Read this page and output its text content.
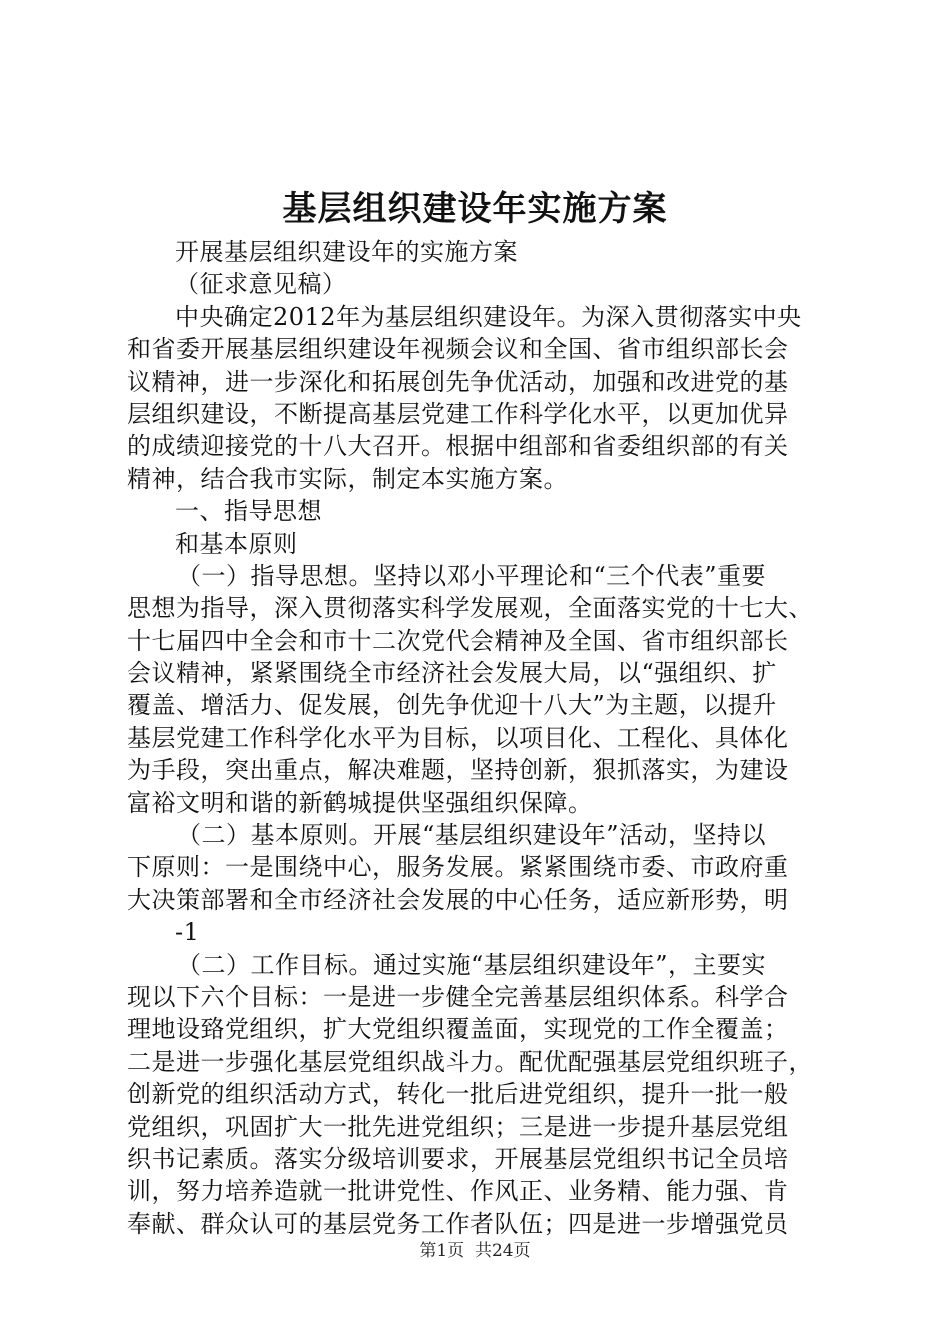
基层组织建设年实施方案
开展基层组织建设年的实施方案
（征求意见稿）
中央确定2012年为基层组织建设年。为深入贯彻落实中央
和省委开展基层组织建设年视频会议和全国、省市组织部长会
议精神，进一步深化和拓展创先争优活动，加强和改进党的基
层组织建设，不断提高基层党建工作科学化水平，以更加优异
的成绩迎接党的十八大召开。根据中组部和省委组织部的有关
精神，结合我市实际，制定本实施方案。
一、指导思想
和基本原则
（一）指导思想。坚持以邓小平理论和“三个代表”重要
思想为指导，深入贯彻落实科学发展观，全面落实党的十七大、
十七届四中全会和市十二次党代会精神及全国、省市组织部长
会议精神，紧紧围绕全市经济社会发展大局，以“强组织、扩
覆盖、增活力、促发展，创先争优迎十八大”为主题，以提升
基层党建工作科学化水平为目标，以项目化、工程化、具体化
为手段，突出重点，解决难题，坚持创新，狠抓落实，为建设
富裕文明和谐的新鹤城提供坚强组织保障。
（二）基本原则。开展“基层组织建设年”活动，坚持以
下原则：一是围绕中心，服务发展。紧紧围绕市委、市政府重
大决策部署和全市经济社会发展的中心任务，适应新形势，明
-1
（二）工作目标。通过实施“基层组织建设年”，主要实
现以下六个目标：一是进一步健全完善基层组织体系。科学合
理地设臵党组织，扩大党组织覆盖面，实现党的工作全覆盖；
二是进一步强化基层党组织战斗力。配优配强基层党组织班子，
创新党的组织活动方式，转化一批后进党组织，提升一批一般
党组织，巩固扩大一批先进党组织；三是进一步提升基层党组
织书记素质。落实分级培训要求，开展基层党组织书记全员培
训，努力培养造就一批讲党性、作风正、业务精、能力强、肯
奉献、群众认可的基层党务工作者队伍；四是进一步增强党员
第1页  共24页
